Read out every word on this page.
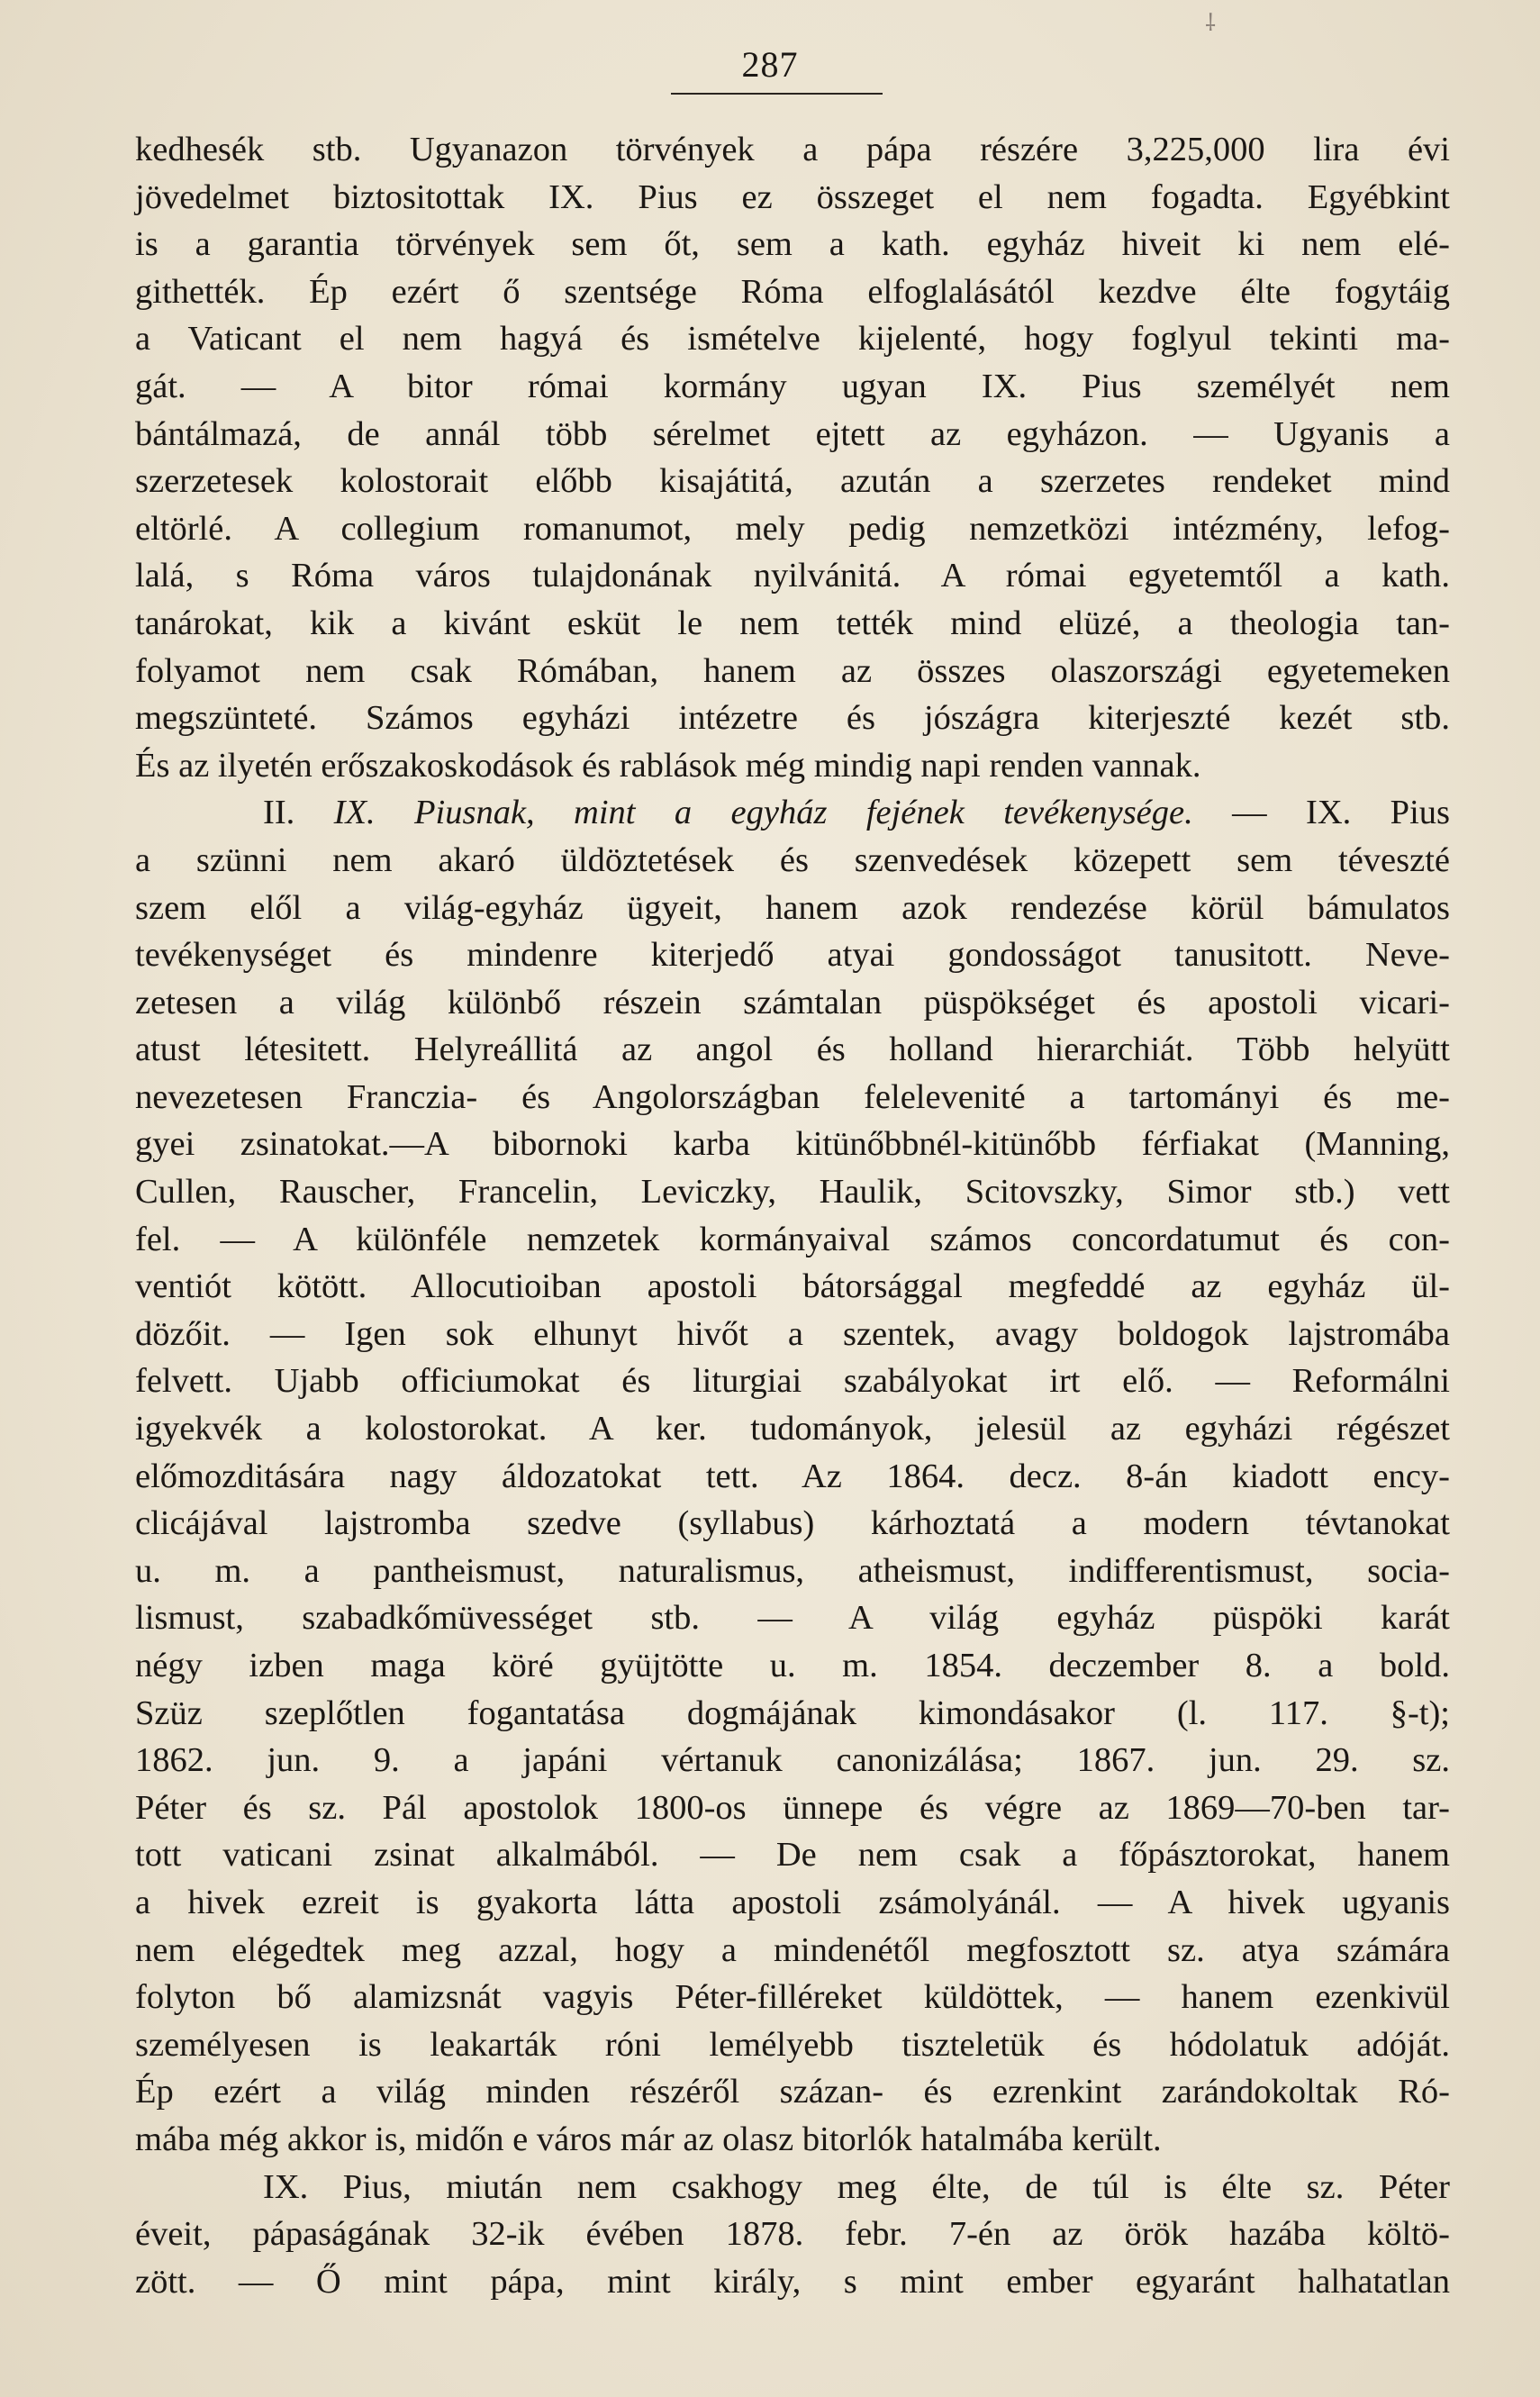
⸸
287
kedhesék stb. Ugyanazon törvények a pápa részére 3,225,000 lira évi
jövedelmet biztositottak IX. Pius ez összeget el nem fogadta. Egyébkint
is a garantia törvények sem őt, sem a kath. egyház hiveit ki nem elé-
githették. Ép ezért ő szentsége Róma elfoglalásától kezdve élte fogytáig
a Vaticant el nem hagyá és ismételve kijelenté, hogy foglyul tekinti ma-
gát. — A bitor római kormány ugyan IX. Pius személyét nem
bántálmazá, de annál több sérelmet ejtett az egyházon. — Ugyanis a
szerzetesek kolostorait előbb kisajátitá, azután a szerzetes rendeket mind
eltörlé. A collegium romanumot, mely pedig nemzetközi intézmény, lefog-
lalá, s Róma város tulajdonának nyilvánitá. A római egyetemtől a kath.
tanárokat, kik a kivánt esküt le nem tették mind elüzé, a theologia tan-
folyamot nem csak Rómában, hanem az összes olaszországi egyetemeken
megszünteté. Számos egyházi intézetre és jószágra kiterjeszté kezét stb.
És az ilyetén erőszakoskodások és rablások még mindig napi renden vannak.
II. IX. Piusnak, mint a egyház fejének tevékenysége. — IX. Pius
a szünni nem akaró üldöztetések és szenvedések közepett sem téveszté
szem elől a világ-egyház ügyeit, hanem azok rendezése körül bámulatos
tevékenységet és mindenre kiterjedő atyai gondosságot tanusitott. Neve-
zetesen a világ különbő részein számtalan püspökséget és apostoli vicari-
atust létesitett. Helyreállitá az angol és holland hierarchiát. Több helyütt
nevezetesen Franczia- és Angolországban felelevenité a tartományi és me-
gyei zsinatokat.—A bibornoki karba kitünőbbnél-kitünőbb férfiakat (Manning,
Cullen, Rauscher, Francelin, Leviczky, Haulik, Scitovszky, Simor stb.) vett
fel. — A különféle nemzetek kormányaival számos concordatumut és con-
ventiót kötött. Allocutioiban apostoli bátorsággal megfeddé az egyház ül-
dözőit. — Igen sok elhunyt hivőt a szentek, avagy boldogok lajstromába
felvett. Ujabb officiumokat és liturgiai szabályokat irt elő. — Reformálni
igyekvék a kolostorokat. A ker. tudományok, jelesül az egyházi régészet
előmozditására nagy áldozatokat tett. Az 1864. decz. 8-án kiadott ency-
clicájával lajstromba szedve (syllabus) kárhoztatá a modern tévtanokat
u. m. a pantheismust, naturalismus, atheismust, indifferentismust, socia-
lismust, szabadkőmüvességet stb. — A világ egyház püspöki karát
négy izben maga köré gyüjtötte u. m. 1854. deczember 8. a bold.
Szüz szeplőtlen fogantatása dogmájának kimondásakor (l. 117. §-t);
1862. jun. 9. a japáni vértanuk canonizálása; 1867. jun. 29. sz.
Péter és sz. Pál apostolok 1800-os ünnepe és végre az 1869—70-ben tar-
tott vaticani zsinat alkalmából. — De nem csak a főpásztorokat, hanem
a hivek ezreit is gyakorta látta apostoli zsámolyánál. — A hivek ugyanis
nem elégedtek meg azzal, hogy a mindenétől megfosztott sz. atya számára
folyton bő alamizsnát vagyis Péter-filléreket küldöttek, — hanem ezenkivül
személyesen is leakarták róni lemélyebb tiszteletük és hódolatuk adóját.
Ép ezért a világ minden részéről százan- és ezrenkint zarándokoltak Ró-
mába még akkor is, midőn e város már az olasz bitorlók hatalmába került.
IX. Pius, miután nem csakhogy meg élte, de túl is élte sz. Péter
éveit, pápaságának 32-ik évében 1878. febr. 7-én az örök hazába költö-
zött. — Ő mint pápa, mint király, s mint ember egyaránt halhatatlan
